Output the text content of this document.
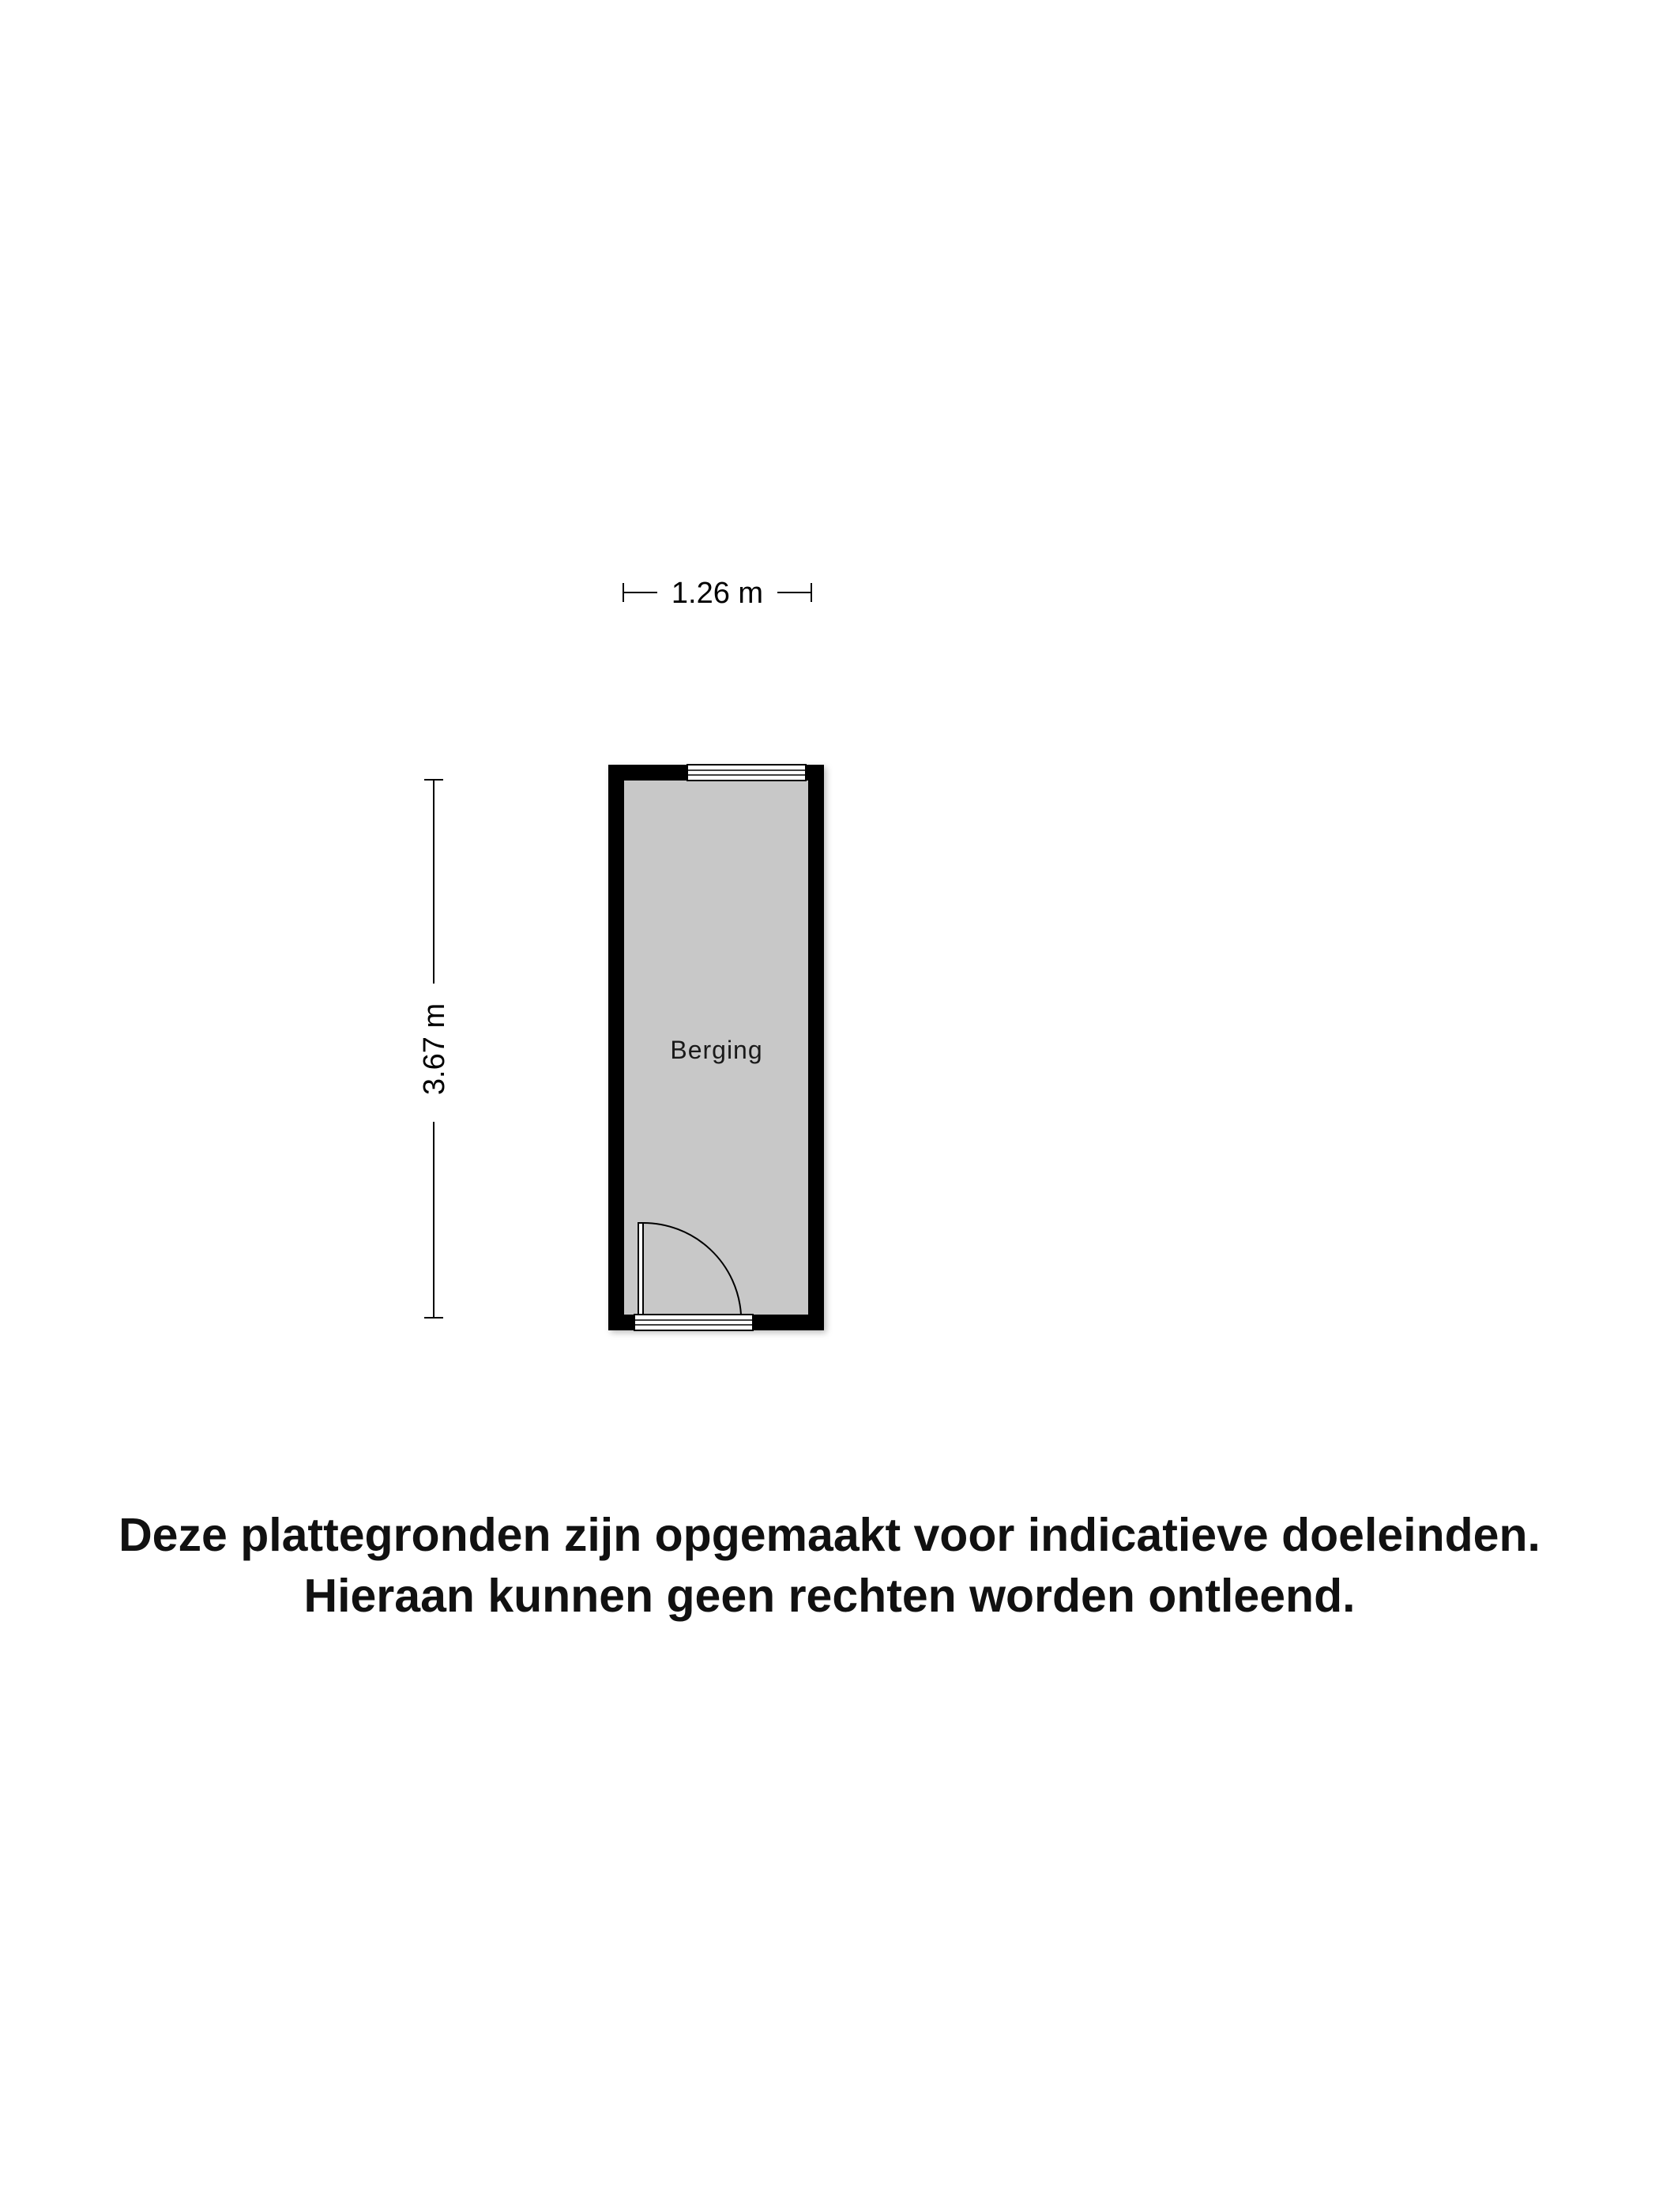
1.26 m
3.67 m	Berging
Deze plattegronden zijn opgemaakt voor indicatieve doeleinden.
Hieraan kunnen geen rechten worden ontleend.
